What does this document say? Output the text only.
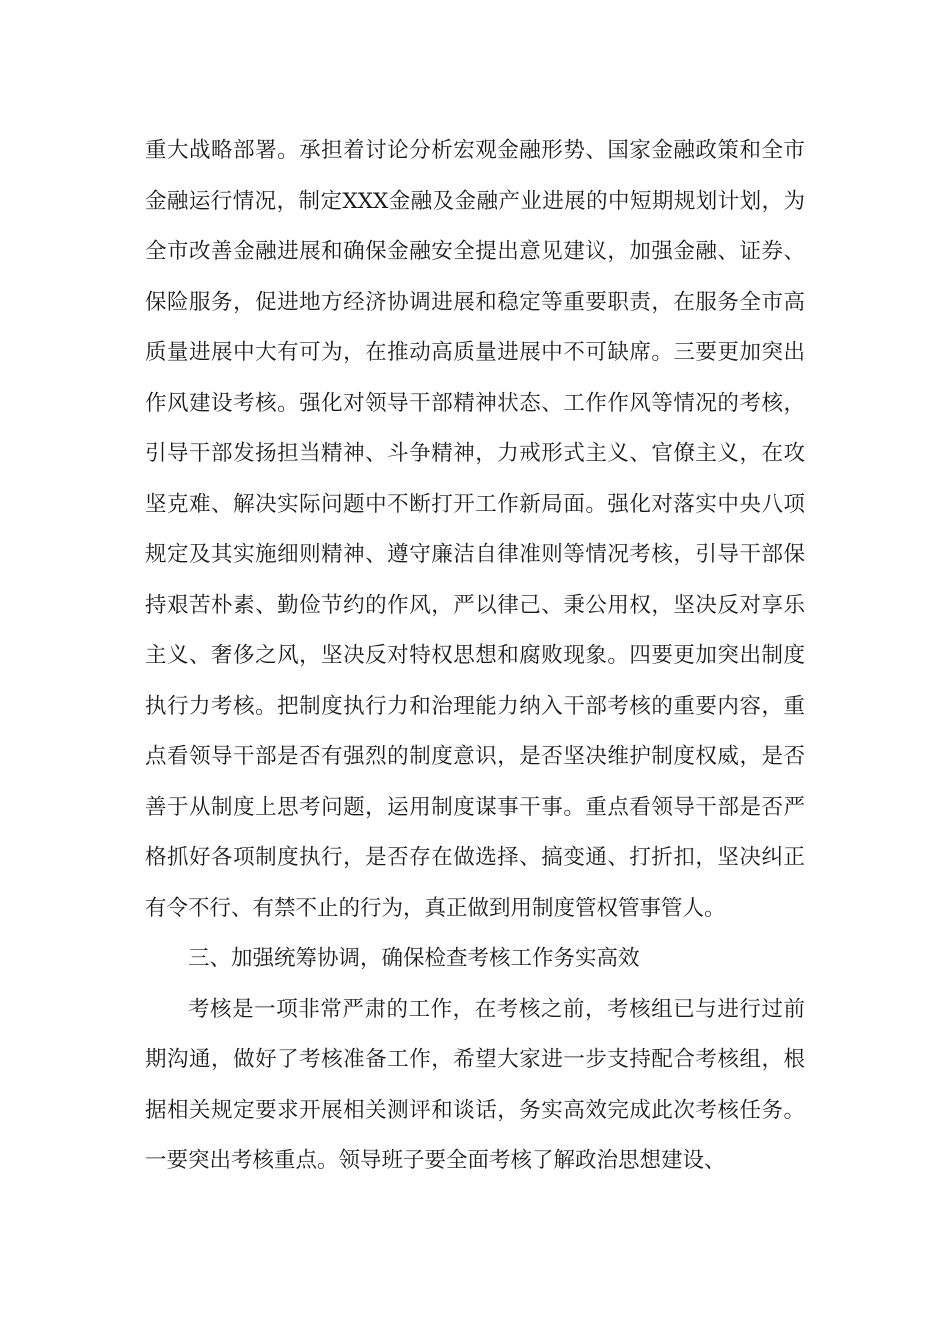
重大战略部署。承担着讨论分析宏观金融形势、国家金融政策和全市金融运行情况，制定XXX金融及金融产业进展的中短期规划计划，为全市改善金融进展和确保金融安全提出意见建议，加强金融、证券、保险服务，促进地方经济协调进展和稳定等重要职责，在服务全市高质量进展中大有可为，在推动高质量进展中不可缺席。三要更加突出作风建设考核。强化对领导干部精神状态、工作作风等情况的考核，引导干部发扬担当精神、斗争精神，力戒形式主义、官僚主义，在攻坚克难、解决实际问题中不断打开工作新局面。强化对落实中央八项规定及其实施细则精神、遵守廉洁自律准则等情况考核，引导干部保持艰苦朴素、勤俭节约的作风，严以律己、秉公用权，坚决反对享乐主义、奢侈之风，坚决反对特权思想和腐败现象。四要更加突出制度执行力考核。把制度执行力和治理能力纳入干部考核的重要内容，重点看领导干部是否有强烈的制度意识，是否坚决维护制度权威，是否善于从制度上思考问题，运用制度谋事干事。重点看领导干部是否严格抓好各项制度执行，是否存在做选择、搞变通、打折扣，坚决纠正有令不行、有禁不止的行为，真正做到用制度管权管事管人。

三、加强统筹协调，确保检查考核工作务实高效

考核是一项非常严肃的工作，在考核之前，考核组已与进行过前期沟通，做好了考核准备工作，希望大家进一步支持配合考核组，根据相关规定要求开展相关测评和谈话，务实高效完成此次考核任务。一要突出考核重点。领导班子要全面考核了解政治思想建设、
